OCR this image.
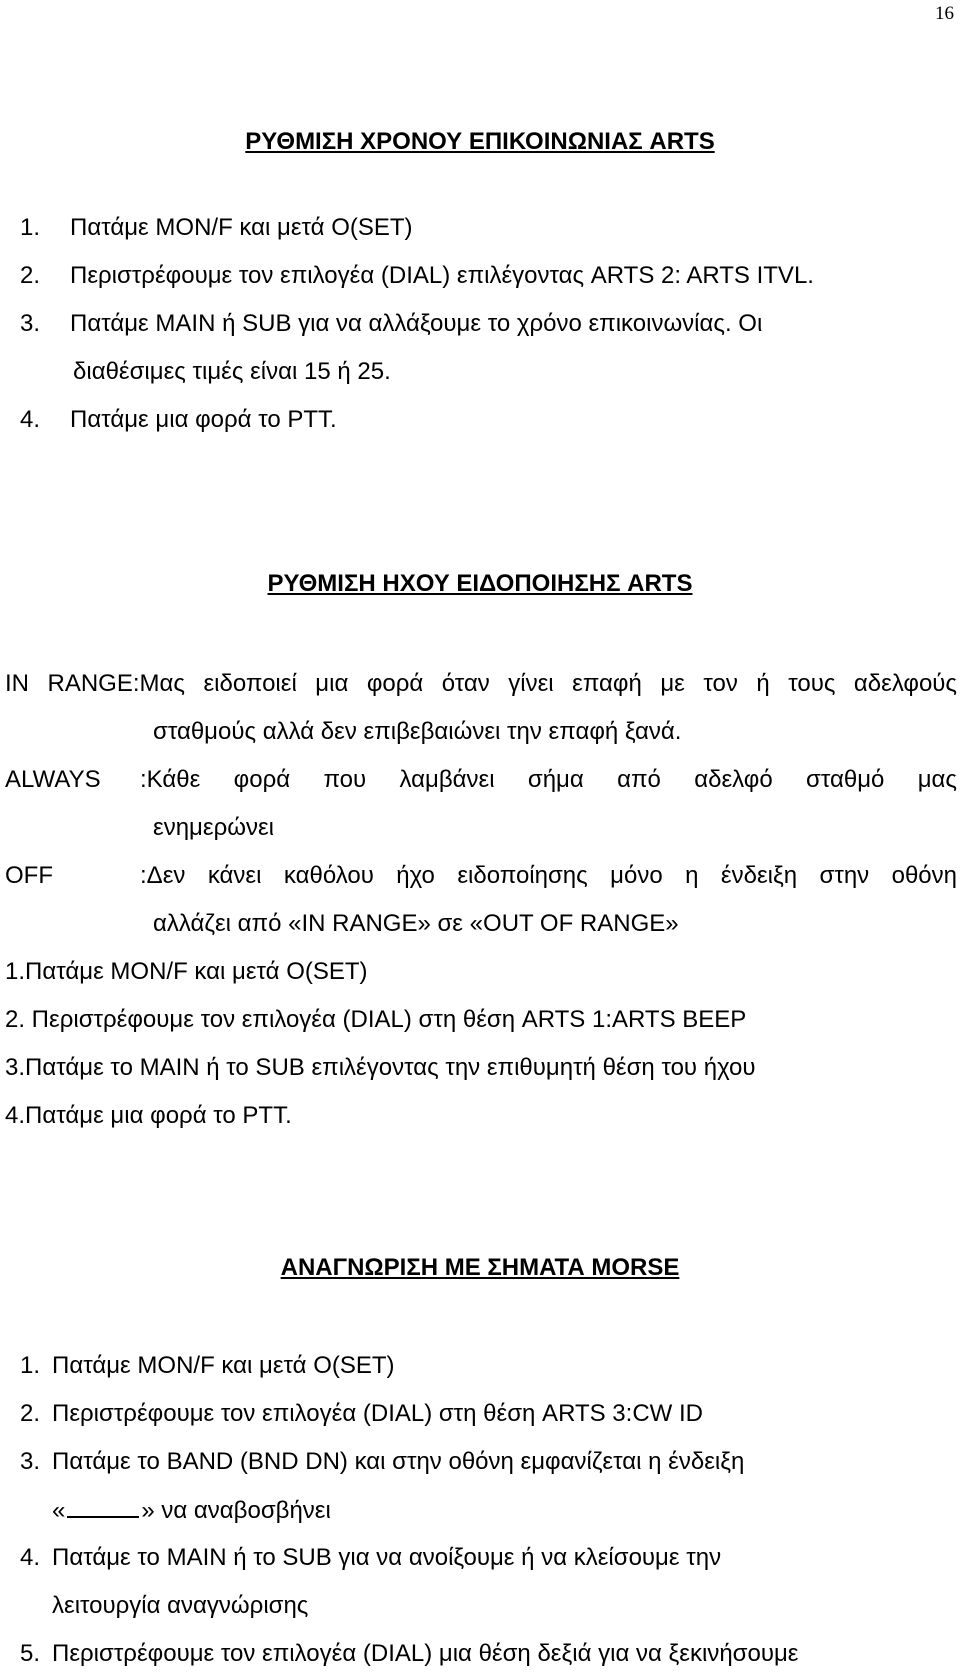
16
ΡΥΘΜΙΣΗ ΧΡΟΝΟΥ ΕΠΙΚΟΙΝΩΝΙΑΣ ARTS
1. Πατάμε MON/F και μετά O(SET)
2. Περιστρέφουμε τον επιλογέα (DIAL) επιλέγοντας ARTS 2: ARTS ITVL.
3. Πατάμε MAIN ή SUB για να αλλάξουμε το χρόνο επικοινωνίας. Οι
διαθέσιμες τιμές είναι 15 ή 25.
4. Πατάμε μια φορά το PTT.
ΡΥΘΜΙΣΗ ΗΧΟΥ ΕΙΔΟΠΟΙΗΣΗΣ ARTS
IN RANGE:Μας ειδοποιεί μια φορά όταν γίνει επαφή με τον ή τους αδελφούς
σταθμούς αλλά δεν επιβεβαιώνει την επαφή ξανά.
ALWAYS	:Κάθε φορά που λαμβάνει σήμα από αδελφό σταθμό μας
ενημερώνει
OFF	:Δεν κάνει καθόλου ήχο ειδοποίησης μόνο η ένδειξη στην οθόνη
αλλάζει από «IN RANGE» σε «OUT OF RANGE»
1.Πατάμε MON/F και μετά O(SET)
2. Περιστρέφουμε τον επιλογέα (DIAL) στη θέση ARTS 1:ARTS BEEP
3.Πατάμε το MAIN ή το SUB επιλέγοντας την επιθυμητή θέση του ήχου
4.Πατάμε μια φορά το PTT.
ΑΝΑΓΝΩΡΙΣΗ ΜΕ ΣΗΜΑΤΑ MORSE
1. Πατάμε MON/F και μετά O(SET)
2. Περιστρέφουμε τον επιλογέα (DIAL) στη θέση ARTS 3:CW ID
3. Πατάμε το BAND (BND DN) και στην οθόνη εμφανίζεται η ένδειξη
«	» να αναβοσβήνει
4. Πατάμε το MAIN ή το SUB για να ανοίξουμε ή να κλείσουμε την
λειτουργία αναγνώρισης
5. Περιστρέφουμε τον επιλογέα (DIAL) μια θέση δεξιά για να ξεκινήσουμε
